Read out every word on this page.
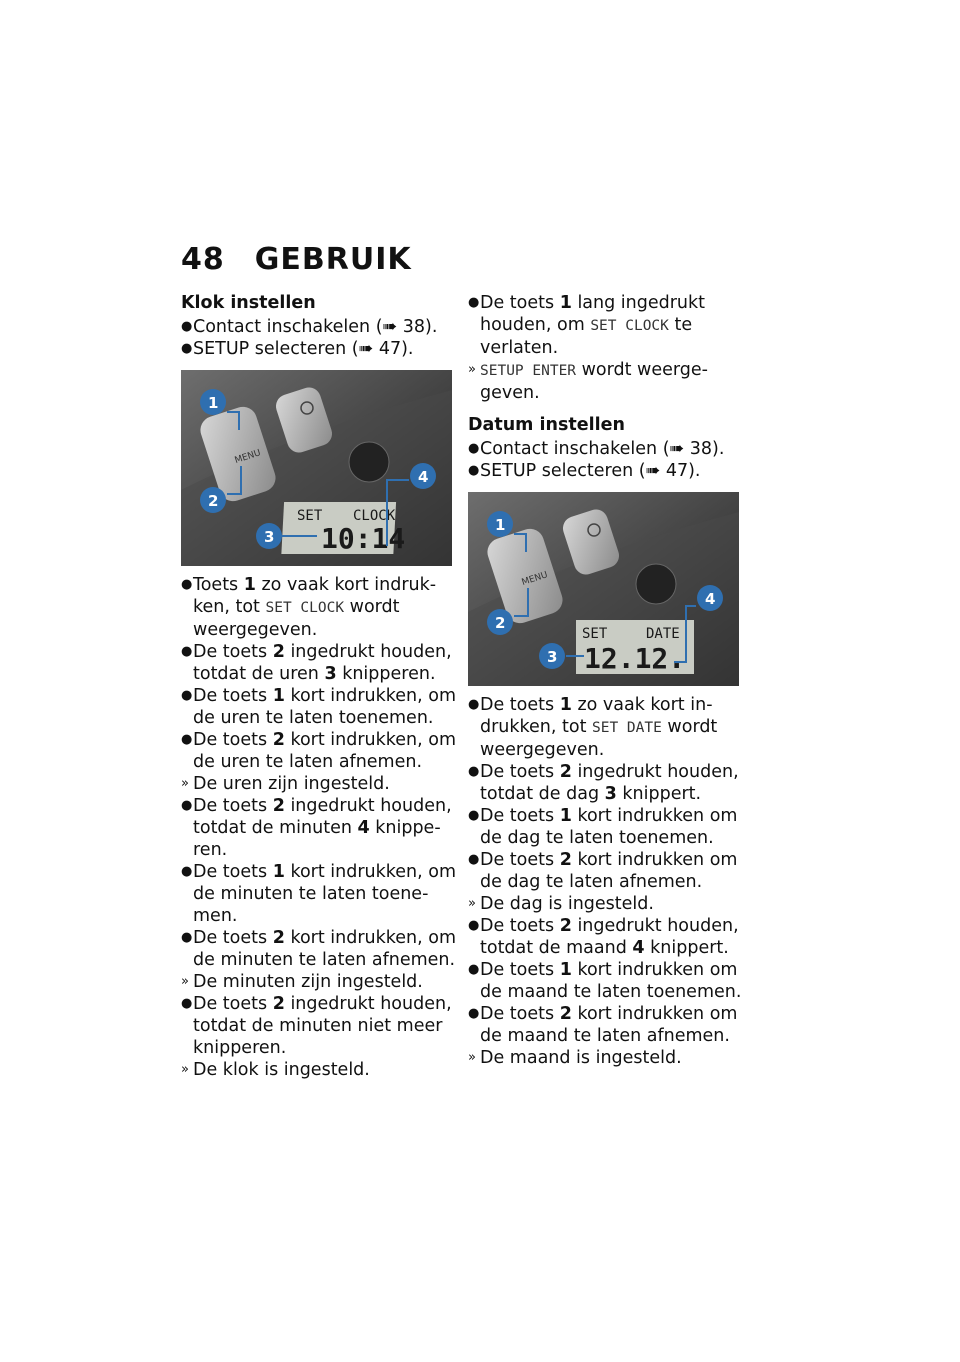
48 GEBRUIK
Klok instellen
● Contact inschakelen (➠ 38).
● SETUP selecteren (➠ 47).
MENU
SET CLOCK
10:14
1
2
3
4
● Toets 1 zo vaak kort indrukken, tot SET CLOCK wordt weergegeven.
● De toets 2 ingedrukt houden, totdat de uren 3 knipperen.
● De toets 1 kort indrukken, om de uren te laten toenemen.
● De toets 2 kort indrukken, om de uren te laten afnemen.
» De uren zijn ingesteld.
● De toets 2 ingedrukt houden, totdat de minuten 4 knipperen.
● De toets 1 kort indrukken, om de minuten te laten toenemen.
● De toets 2 kort indrukken, om de minuten te laten afnemen.
» De minuten zijn ingesteld.
● De toets 2 ingedrukt houden, totdat de minuten niet meer knipperen.
» De klok is ingesteld.
● De toets 1 lang ingedrukt houden, om SET CLOCK te verlaten.
» SETUP ENTER wordt weergegeven.
Datum instellen
● Contact inschakelen (➠ 38).
● SETUP selecteren (➠ 47).
MENU
SET	DATE
12.12.
1
2
3
4
● De toets 1 zo vaak kort indrukken, tot SET DATE wordt weergegeven.
● De toets 2 ingedrukt houden, totdat de dag 3 knippert.
● De toets 1 kort indrukken om de dag te laten toenemen.
● De toets 2 kort indrukken om de dag te laten afnemen.
» De dag is ingesteld.
● De toets 2 ingedrukt houden, totdat de maand 4 knippert.
● De toets 1 kort indrukken om de maand te laten toenemen.
● De toets 2 kort indrukken om de maand te laten afnemen.
» De maand is ingesteld.
